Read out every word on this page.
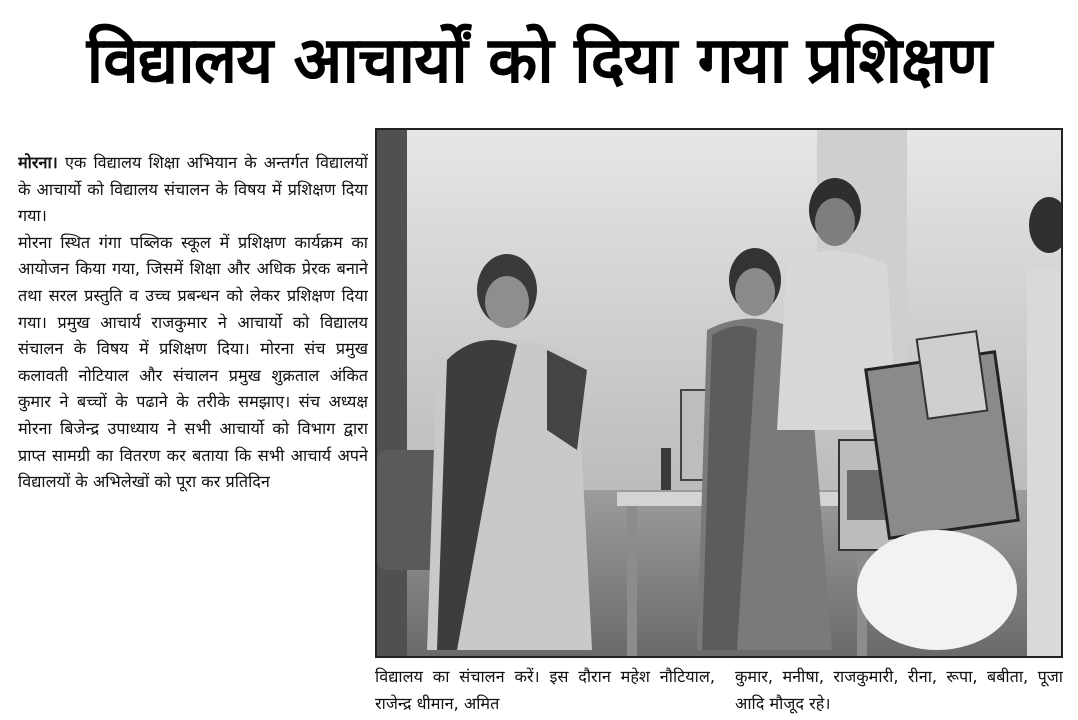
विद्यालय आचार्यों को दिया गया प्रशिक्षण

मोरना। एक विद्यालय शिक्षा अभियान के अन्तर्गत विद्यालयों के आचार्यो को विद्यालय संचालन के विषय में प्रशिक्षण दिया गया।

मोरना स्थित गंगा पब्लिक स्कूल में प्रशिक्षण कार्यक्रम का आयोजन किया गया, जिसमें शिक्षा और अधिक प्रेरक बनाने तथा सरल प्रस्तुति व उच्च प्रबन्धन को लेकर प्रशिक्षण दिया गया। प्रमुख आचार्य राजकुमार ने आचार्यो को विद्यालय संचालन के विषय में प्रशिक्षण दिया। मोरना संच प्रमुख कलावती नोटियाल और संचालन प्रमुख शुक्रताल अंकित कुमार ने बच्चों के पढाने के तरीके समझाए। संच अध्यक्ष मोरना बिजेन्द्र उपाध्याय ने सभी आचार्यो को विभाग द्वारा प्राप्त सामग्री का वितरण कर बताया कि सभी आचार्य अपने विद्यालयों के अभिलेखों को पूरा कर प्रतिदिन

विद्यालय का संचालन करें। इस दौरान महेश नौटियाल, राजेन्द्र धीमान, अमित
कुमार, मनीषा, राजकुमारी, रीना, रूपा, बबीता, पूजा आदि मौजूद रहे।
